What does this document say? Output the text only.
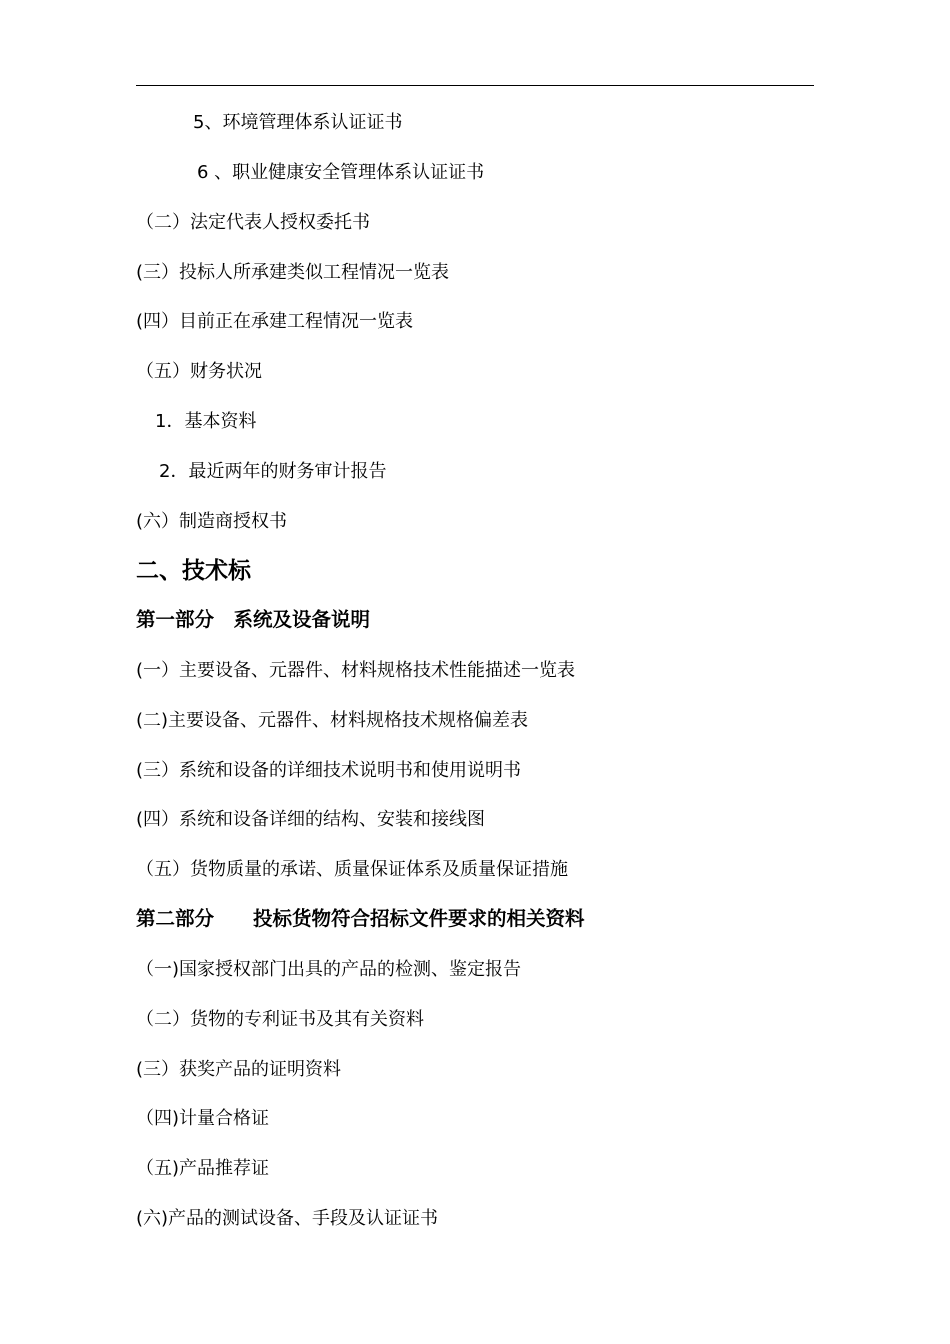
5、环境管理体系认证证书
6 、职业健康安全管理体系认证证书
（二）法定代表人授权委托书
(三）投标人所承建类似工程情况一览表
(四）目前正在承建工程情况一览表
（五）财务状况
1．基本资料
2．最近两年的财务审计报告
(六）制造商授权书
二、技术标
第一部分　系统及设备说明
(一）主要设备、元器件、材料规格技术性能描述一览表
(二)主要设备、元器件、材料规格技术规格偏差表
(三）系统和设备的详细技术说明书和使用说明书
(四）系统和设备详细的结构、安装和接线图
（五）货物质量的承诺、质量保证体系及质量保证措施
第二部分　　投标货物符合招标文件要求的相关资料
（一)国家授权部门出具的产品的检测、鉴定报告
（二）货物的专利证书及其有关资料
(三）获奖产品的证明资料
（四)计量合格证
（五)产品推荐证
(六)产品的测试设备、手段及认证证书
